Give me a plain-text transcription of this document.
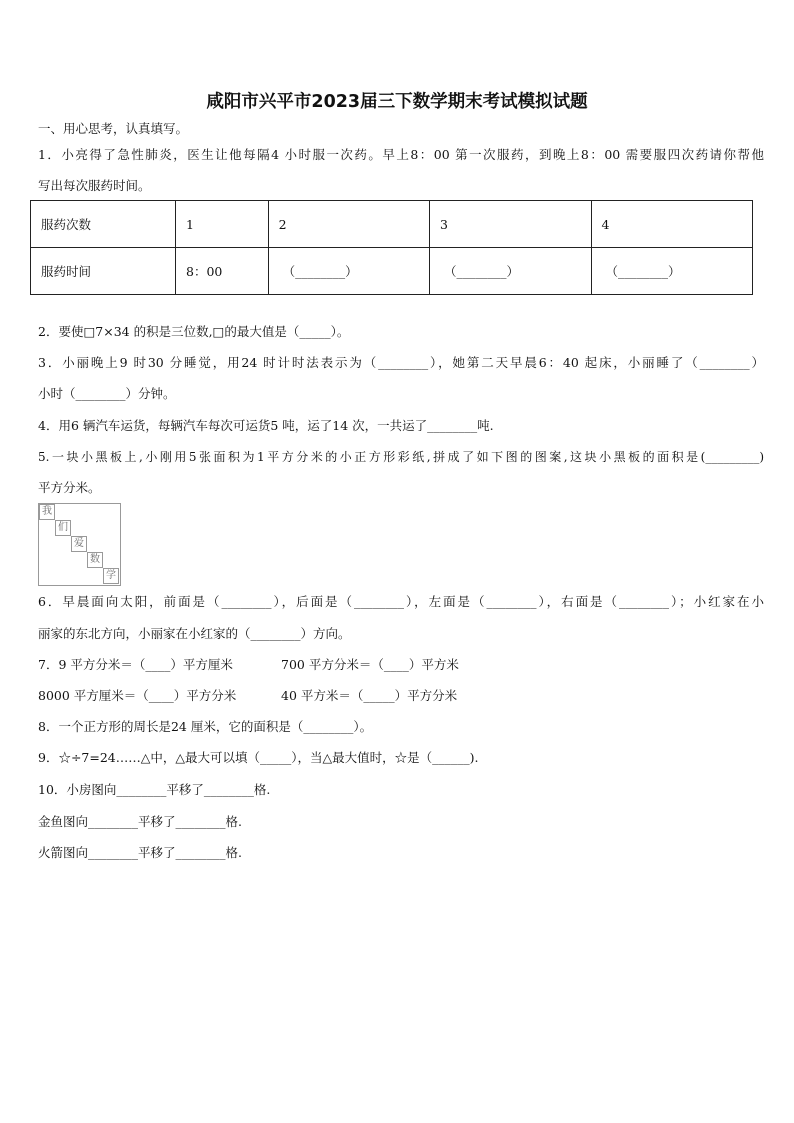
咸阳市兴平市2023届三下数学期末考试模拟试题
一、用心思考，认真填写。
1．小亮得了急性肺炎，医生让他每隔4 小时服一次药。早上8：00 第一次服药，到晚上8：00 需要服四次药请你帮他
写出每次服药时间。
服药次数	1	2	3	4
服药时间	8：00	（________）	（________）	（________）
2．要使□7×34 的积是三位数,□的最大值是（_____）。
3．小丽晚上9 时30 分睡觉，用24 时计时法表示为（________），她第二天早晨6：40 起床，小丽睡了（________）
小时（________）分钟。
4．用6 辆汽车运货，每辆汽车每次可运货5 吨，运了14 次，一共运了________吨.
5.一块小黑板上,小刚用5张面积为1平方分米的小正方形彩纸,拼成了如下图的图案,这块小黑板的面积是(_________)
平方分米。
我
们
爱
数
学
6．早晨面向太阳，前面是（________），后面是（________），左面是（________），右面是（________）；小红家在小
丽家的东北方向，小丽家在小红家的（________）方向。
7．9 平方分米＝（____）平方厘米	700 平方分米＝（____）平方米
8000 平方厘米＝（____）平方分米	40 平方米＝（_____）平方分米
8．一个正方形的周长是24 厘米，它的面积是（________）。
9．☆÷7=24……△中，△最大可以填（_____），当△最大值时，☆是（______).
10．小房图向________平移了________格.
金鱼图向________平移了________格.
火箭图向________平移了________格.
